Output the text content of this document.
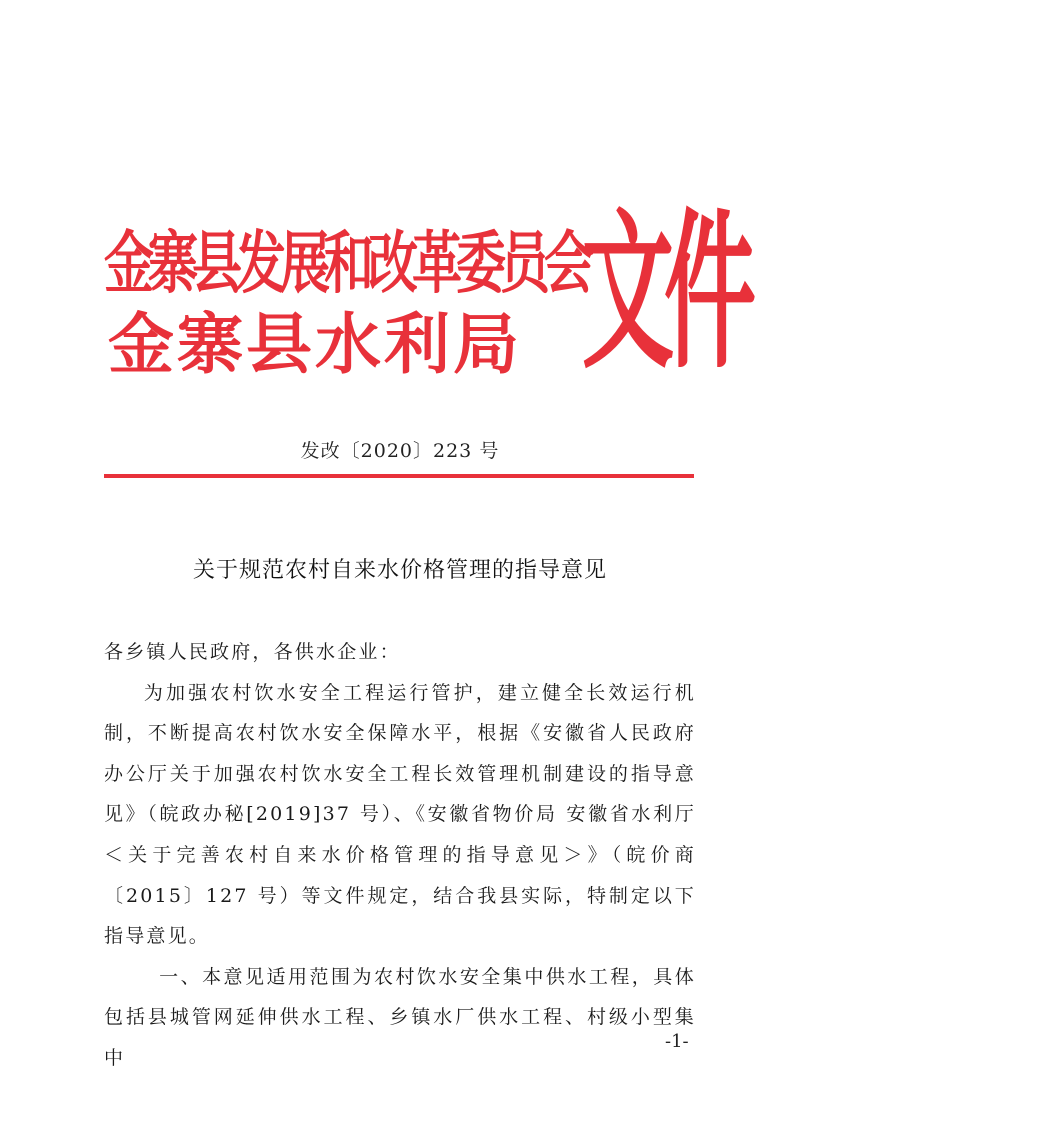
金寨县发展和改革委员会
金寨县水利局 文件
发改〔2020〕223 号
关于规范农村自来水价格管理的指导意见

各乡镇人民政府，各供水企业：

为加强农村饮水安全工程运行管护，建立健全长效运行机制，不断提高农村饮水安全保障水平，根据《安徽省人民政府办公厅关于加强农村饮水安全工程长效管理机制建设的指导意见》（皖政办秘[2019]37 号）、《安徽省物价局 安徽省水利厅＜关于完善农村自来水价格管理的指导意见＞》（皖价商〔2015〕127 号）等文件规定，结合我县实际，特制定以下指导意见。

一、本意见适用范围为农村饮水安全集中供水工程，具体包括县城管网延伸供水工程、乡镇水厂供水工程、村级小型集中

-1-
